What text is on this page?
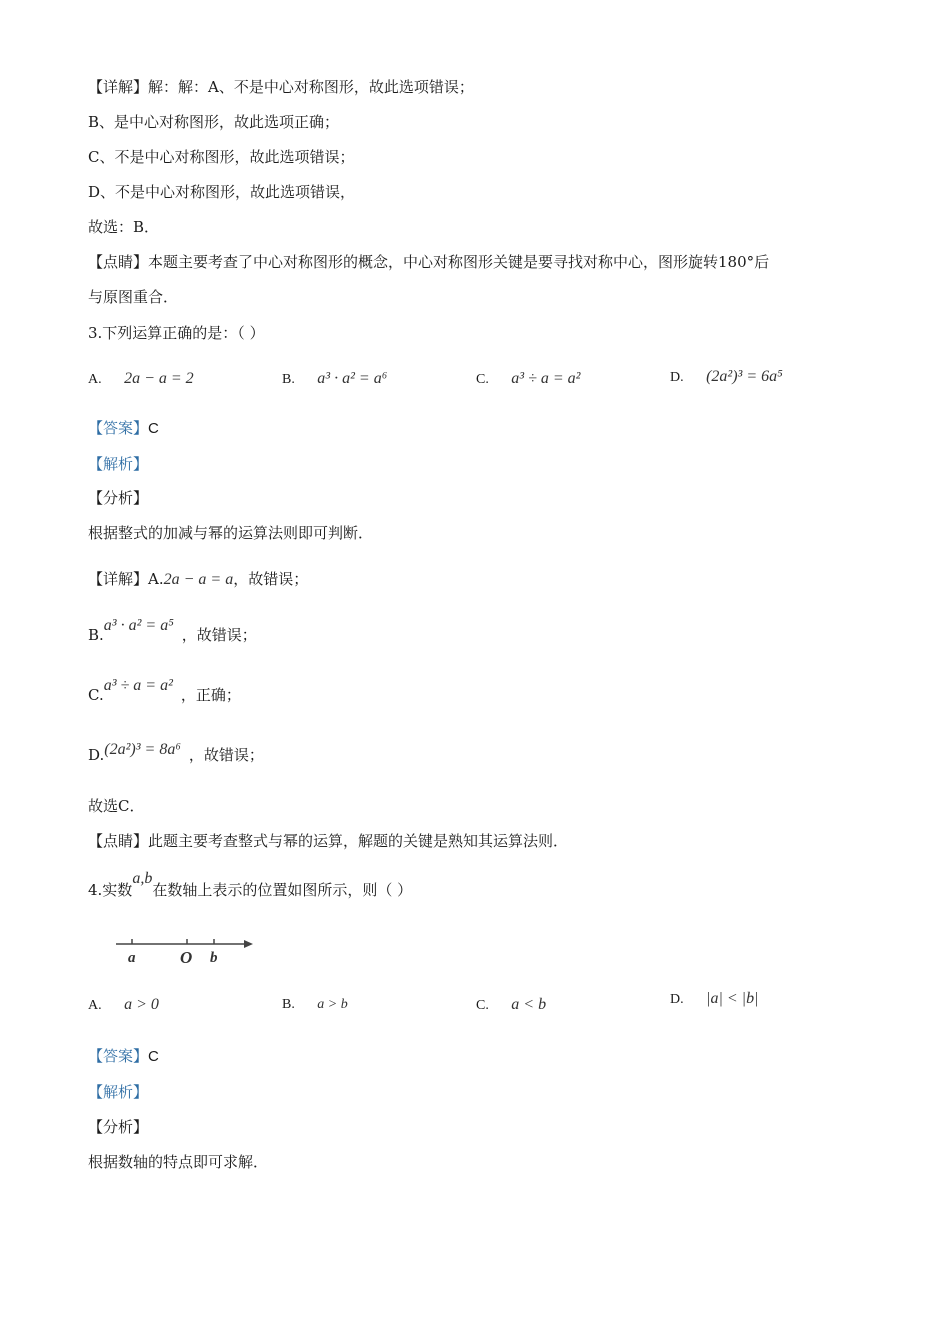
【详解】解：解：A、不是中心对称图形，故此选项错误；
B、是中心对称图形，故此选项正确；
C、不是中心对称图形，故此选项错误；
D、不是中心对称图形，故此选项错误，
故选：B．
【点睛】本题主要考查了中心对称图形的概念，中心对称图形关键是要寻找对称中心，图形旋转180°后
与原图重合．
3.下列运算正确的是：（ ）
A. 2a − a = 2	B. a³ · a² = a⁶	C. a³ ÷ a = a²	D. (2a²)³ = 6a⁵
【答案】C
【解析】
【分析】
根据整式的加减与幂的运算法则即可判断．
【详解】A.2a − a = a，故错误；
B.a³ · a² = a⁵，故错误；
C.a³ ÷ a = a²，正确；
D.(2a²)³ = 8a⁶ ，故错误；
故选C．
【点睛】此题主要考查整式与幂的运算，解题的关键是熟知其运算法则．
4.实数a,b在数轴上表示的位置如图所示，则（ ）
a	O b
A. a > 0	B. a > b	C. a < b	D. |a| < |b|
【答案】C
【解析】
【分析】
根据数轴的特点即可求解．
